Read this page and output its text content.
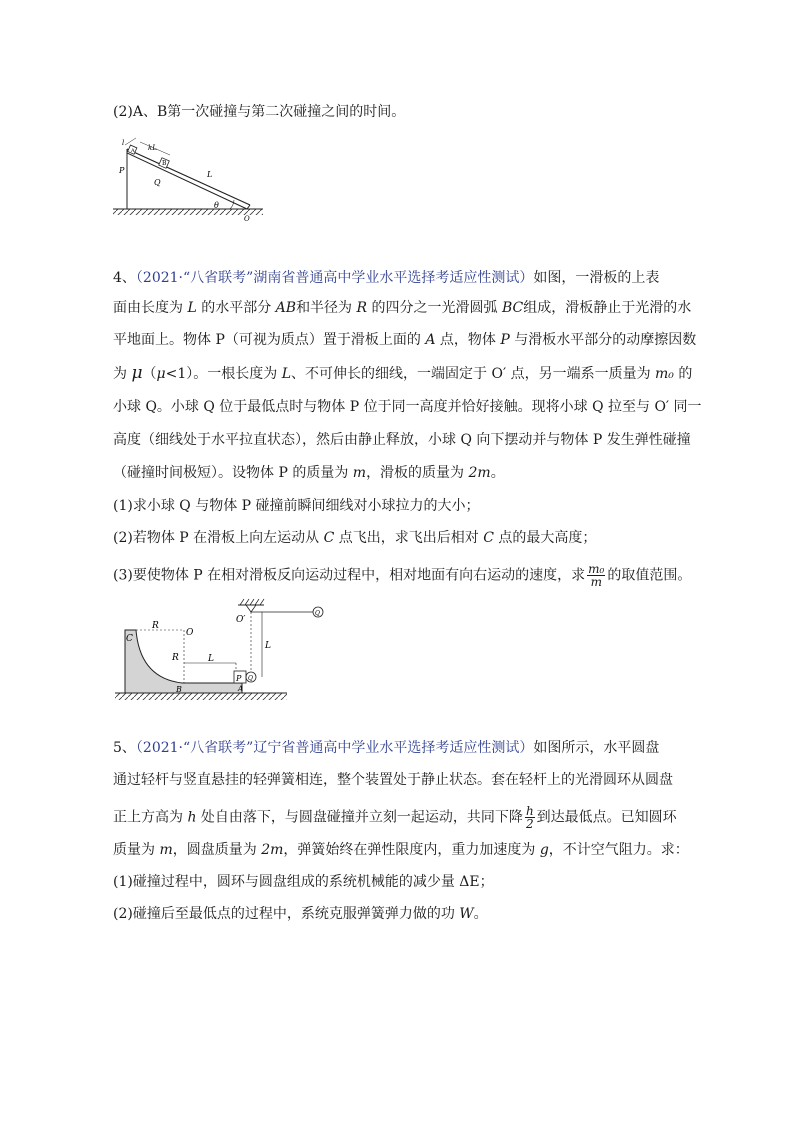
(2)A、B第一次碰撞与第二次碰撞之间的时间。
A
B
P
Q
L
kL
l
θ
O
4、（2021·“八省联考”湖南省普通高中学业水平选择考适应性测试）如图，一滑板的上表
面由长度为 L 的水平部分 AB和半径为 R 的四分之一光滑圆弧 BC组成，滑板静止于光滑的水
平地面上。物体 P（可视为质点）置于滑板上面的 A 点，物体 P 与滑板水平部分的动摩擦因数
为 μ（μ<1）。一根长度为 L、不可伸长的细线，一端固定于 O′ 点，另一端系一质量为 m₀ 的
小球 Q。小球 Q 位于最低点时与物体 P 位于同一高度并恰好接触。现将小球 Q 拉至与 O′ 同一
高度（细线处于水平拉直状态），然后由静止释放，小球 Q 向下摆动并与物体 P 发生弹性碰撞
（碰撞时间极短）。设物体 P 的质量为 m，滑板的质量为 2m。
(1)求小球 Q 与物体 P 碰撞前瞬间细线对小球拉力的大小；
(2)若物体 P 在滑板上向左运动从 C 点飞出，求飞出后相对 C 点的最大高度；
(3)要使物体 P 在相对滑板反向运动过程中，相对地面有向右运动的速度，求 $\frac{\text{m₀}}{m}$ 的取值范围。
C
R
O
R	L
O′
L
Q
P Q
B	A
5、（2021·“八省联考”辽宁省普通高中学业水平选择考适应性测试）如图所示，水平圆盘
通过轻杆与竖直悬挂的轻弹簧相连，整个装置处于静止状态。套在轻杆上的光滑圆环从圆盘
正上方高为 h 处自由落下，与圆盘碰撞并立刻一起运动，共同下降 $\frac{h}{2}$ 到达最低点。已知圆环
质量为 m，圆盘质量为 2m，弹簧始终在弹性限度内，重力加速度为 g，不计空气阻力。求：
(1)碰撞过程中，圆环与圆盘组成的系统机械能的减少量 ΔE；
(2)碰撞后至最低点的过程中，系统克服弹簧弹力做的功 W。
